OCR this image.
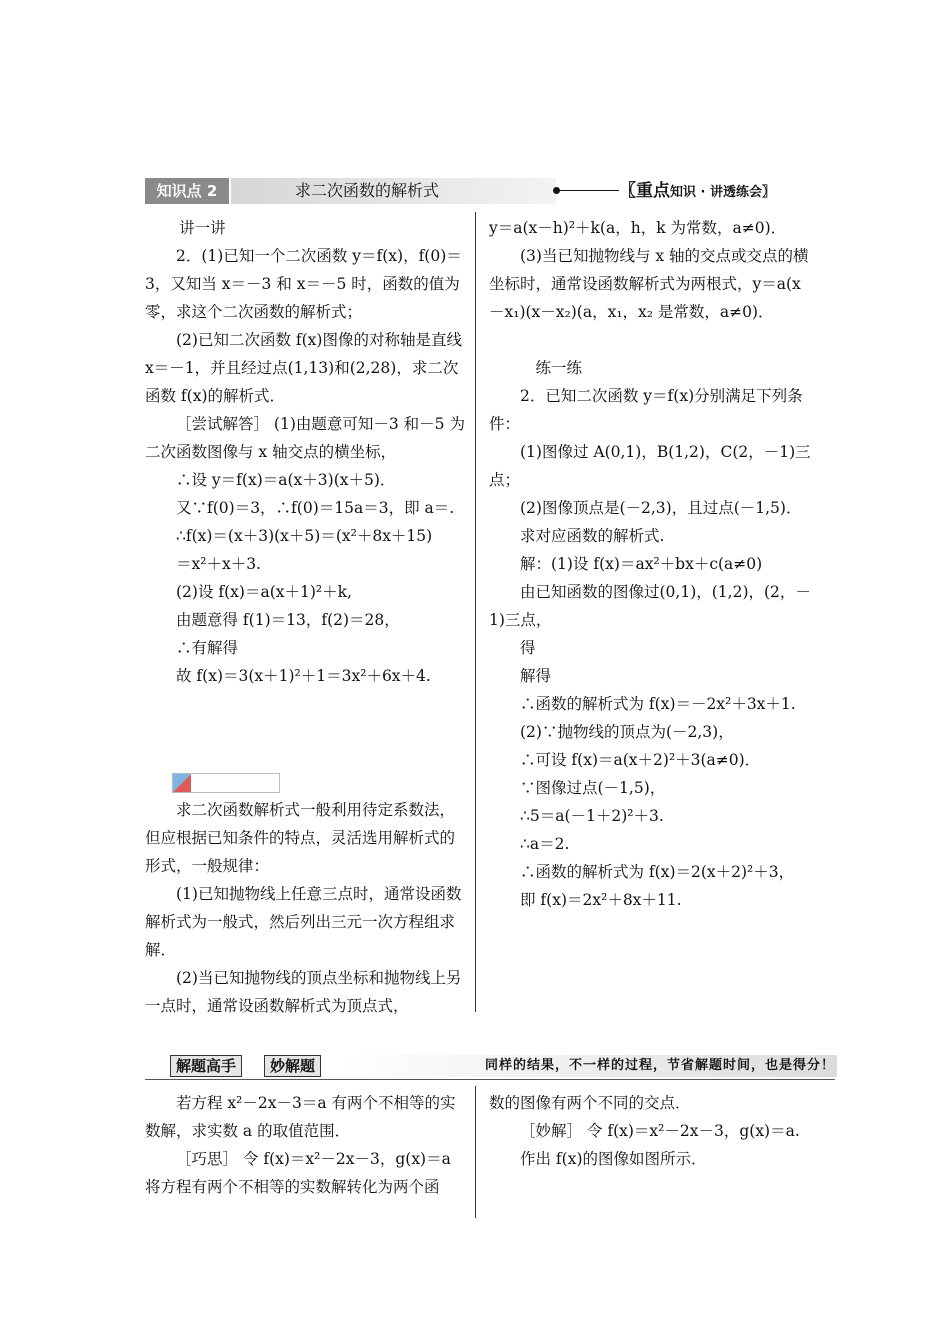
知识点 2	求二次函数的解析式	〖重点知识 · 讲透练会〗

讲一讲

2．(1)已知一个二次函数 y＝f(x)，f(0)＝3，又知当 x＝－3 和 x＝－5 时，函数的值为零，求这个二次函数的解析式；

(2)已知二次函数 f(x)图像的对称轴是直线 x＝－1，并且经过点(1,13)和(2,28)，求二次函数 f(x)的解析式．

［尝试解答］ (1)由题意可知－3 和－5 为二次函数图像与 x 轴交点的横坐标，

∴设 y＝f(x)＝a(x＋3)(x＋5)．

又∵f(0)＝3，∴f(0)＝15a＝3，即 a＝.

∴f(x)＝(x＋3)(x＋5)＝(x²＋8x＋15)

＝x²＋x＋3.

(2)设 f(x)＝a(x＋1)²＋k,

由题意得 f(1)＝13，f(2)＝28，

∴有解得

故 f(x)＝3(x＋1)²＋1＝3x²＋6x＋4.

求二次函数解析式一般利用待定系数法，但应根据已知条件的特点，灵活选用解析式的形式，一般规律：

(1)已知抛物线上任意三点时，通常设函数解析式为一般式，然后列出三元一次方程组求解．

(2)当已知抛物线的顶点坐标和抛物线上另一点时，通常设函数解析式为顶点式，

y＝a(x－h)²＋k(a，h，k 为常数，a≠0)．

(3)当已知抛物线与 x 轴的交点或交点的横坐标时，通常设函数解析式为两根式，y＝a(x－x₁)(x－x₂)(a，x₁，x₂ 是常数，a≠0)．

练一练

2．已知二次函数 y＝f(x)分别满足下列条件：

(1)图像过 A(0,1)，B(1,2)，C(2，－1)三点；

(2)图像顶点是(－2,3)，且过点(－1,5)．

求对应函数的解析式.

解：(1)设 f(x)＝ax²＋bx＋c(a≠0)

由已知函数的图像过(0,1)，(1,2)，(2，－1)三点，

得

解得

∴函数的解析式为 f(x)＝－2x²＋3x＋1.

(2)∵抛物线的顶点为(－2,3)，

∴可设 f(x)＝a(x＋2)²＋3(a≠0)．

∵图像过点(－1,5)，

∴5＝a(－1＋2)²＋3.

∴a＝2.

∴函数的解析式为 f(x)＝2(x＋2)²＋3，

即 f(x)＝2x²＋8x＋11.

解题高手	妙解题	同样的结果，不一样的过程，节省解题时间，也是得分！

若方程 x²－2x－3＝a 有两个不相等的实数解，求实数 a 的取值范围．

［巧思］ 令 f(x)＝x²－2x－3，g(x)＝a 将方程有两个不相等的实数解转化为两个函

数的图像有两个不同的交点．

［妙解］ 令 f(x)＝x²－2x－3，g(x)＝a.

作出 f(x)的图像如图所示．
